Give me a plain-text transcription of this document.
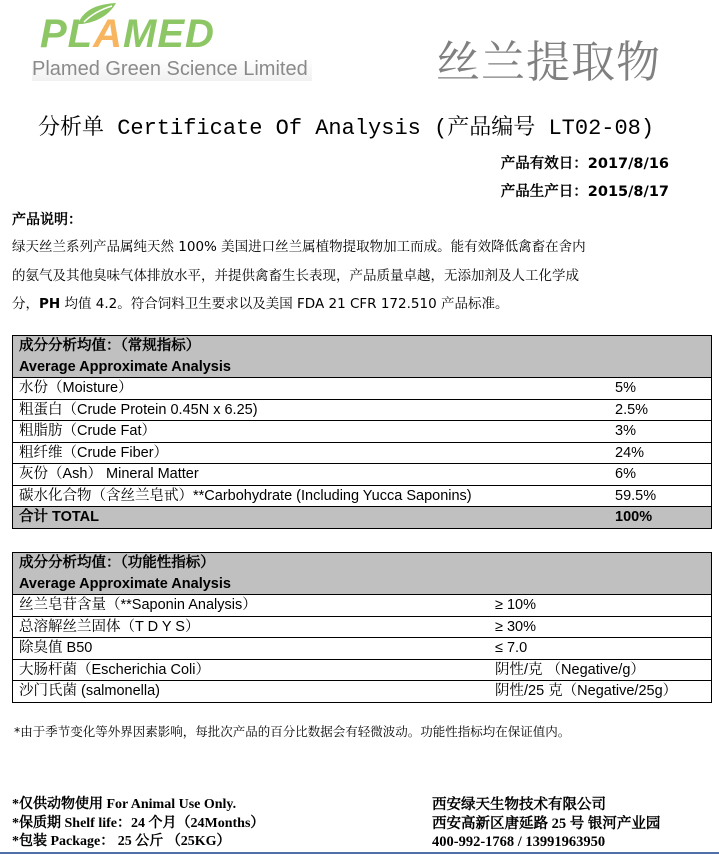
PLAMED
Plamed Green Science Limited	丝兰提取物
分析单 Certificate Of Analysis (产品编号 LT02-08)
产品有效日：2017/8/16
产品生产日：2015/8/17
产品说明：
绿天丝兰系列产品属纯天然 100% 美国进口丝兰属植物提取物加工而成。能有效降低禽畜在舍内
的氨气及其他臭味气体排放水平，并提供禽畜生长表现，产品质量卓越，无添加剂及人工化学成
分，PH 均值 4.2。符合饲料卫生要求以及美国 FDA 21 CFR 172.510 产品标准。
成分分析均值：（常规指标）	
Average Approximate Analysis	
水份（Moisture）	5%
粗蛋白（Crude Protein 0.45N x 6.25)	2.5%
粗脂肪（Crude Fat）	3%
粗纤维（Crude Fiber）	24%
灰份（Ash） Mineral Matter	6%
碳水化合物（含丝兰皂甙）**Carbohydrate (Including Yucca Saponins)	59.5%
合计 TOTAL	100%
成分分析均值：（功能性指标）	
Average Approximate Analysis	
丝兰皂苷含量（**Saponin Analysis）	≥ 10%
总溶解丝兰固体（T D Y S）	≥ 30%
除臭值 B50	≤ 7.0
大肠杆菌（Escherichia Coli）	阴性/克 （Negative/g）
沙门氏菌 (salmonella)	阴性/25 克（Negative/25g）
*由于季节变化等外界因素影响，每批次产品的百分比数据会有轻微波动。功能性指标均在保证值内。
*仅供动物使用 For Animal Use Only.
*保质期 Shelf life：24 个月（24Months）
*包装 Package： 25 公斤 （25KG）
西安绿天生物技术有限公司
西安高新区唐延路 25 号 银河产业园
400-992-1768 / 13991963950
